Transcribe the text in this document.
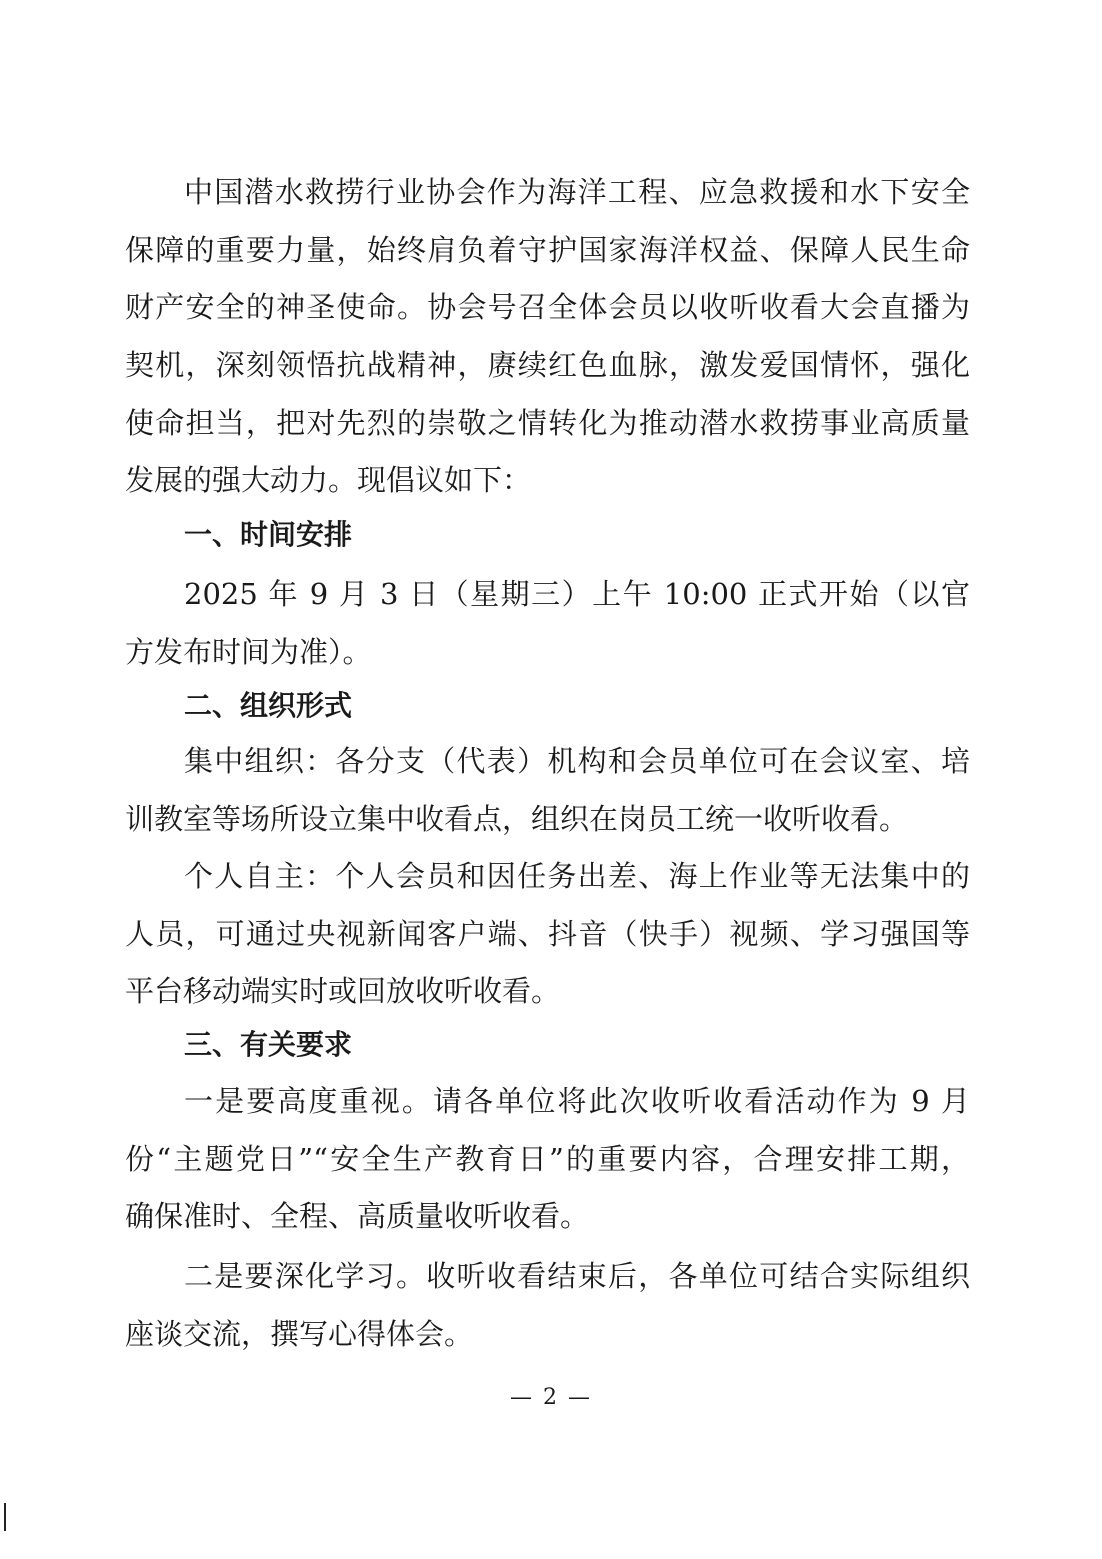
中国潜水救捞行业协会作为海洋工程、应急救援和水下安全
保障的重要力量，始终肩负着守护国家海洋权益、保障人民生命
财产安全的神圣使命。协会号召全体会员以收听收看大会直播为
契机，深刻领悟抗战精神，赓续红色血脉，激发爱国情怀，强化
使命担当，把对先烈的崇敬之情转化为推动潜水救捞事业高质量
发展的强大动力。现倡议如下：
一、时间安排
2025 年 9 月 3 日（星期三）上午 10:00 正式开始（以官
方发布时间为准）。
二、组织形式
集中组织：各分支（代表）机构和会员单位可在会议室、培
训教室等场所设立集中收看点，组织在岗员工统一收听收看。
个人自主：个人会员和因任务出差、海上作业等无法集中的
人员，可通过央视新闻客户端、抖音（快手）视频、学习强国等
平台移动端实时或回放收听收看。
三、有关要求
一是要高度重视。请各单位将此次收听收看活动作为 9 月
份“主题党日”“安全生产教育日”的重要内容，合理安排工期，
确保准时、全程、高质量收听收看。
二是要深化学习。收听收看结束后，各单位可结合实际组织
座谈交流，撰写心得体会。
— 2 —
